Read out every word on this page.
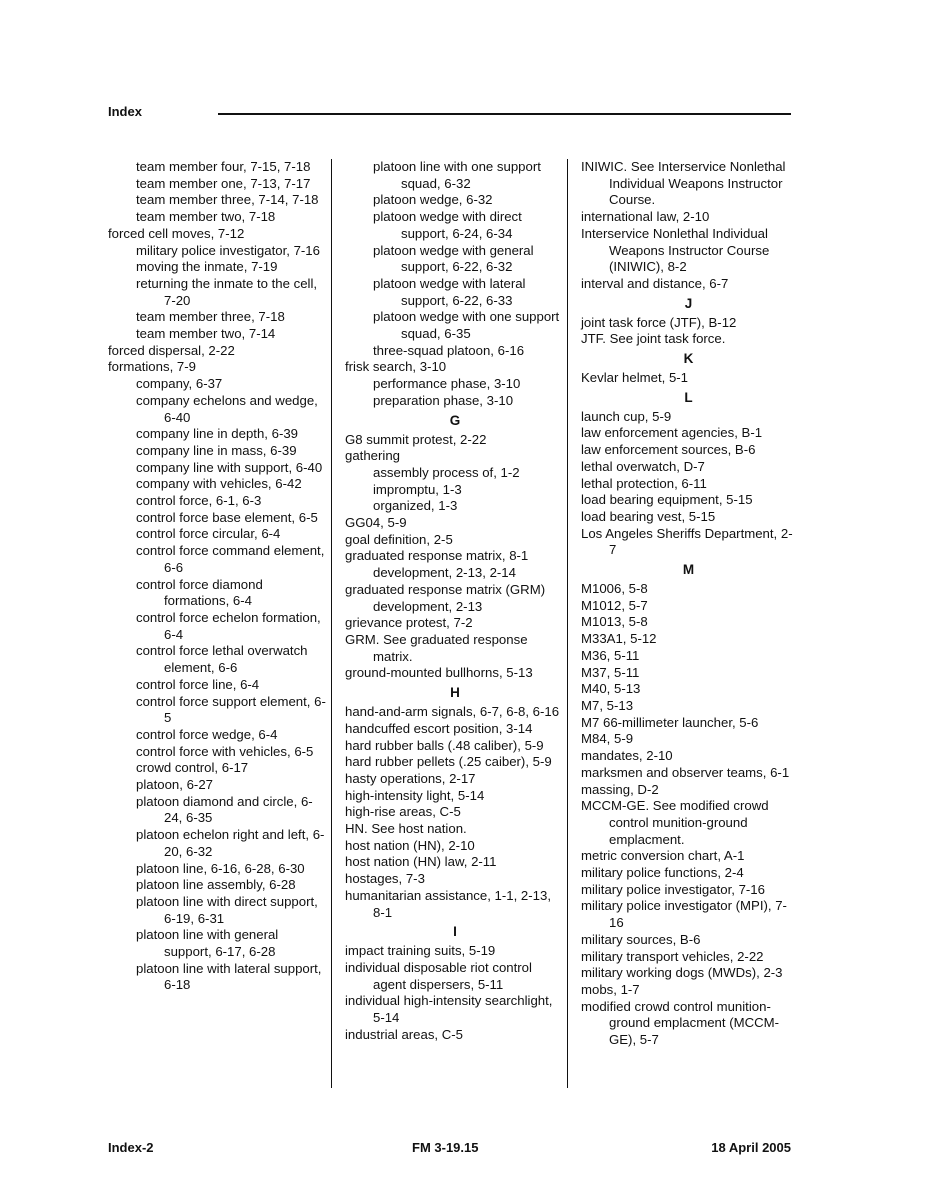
Index

team member four, 7-15, 7-18

team member one, 7-13, 7-17

team member three, 7-14, 7-18

team member two, 7-18

forced cell moves, 7-12

military police investigator, 7-16

moving the inmate, 7-19

returning the inmate to the cell, 7-20

team member three, 7-18

team member two, 7-14

forced dispersal, 2-22

formations, 7-9

company, 6-37

company echelons and wedge, 6-40

company line in depth, 6-39

company line in mass, 6-39

company line with support, 6-40

company with vehicles, 6-42

control force, 6-1, 6-3

control force base element, 6-5

control force circular, 6-4

control force command element, 6-6

control force diamond formations, 6-4

control force echelon formation, 6-4

control force lethal overwatch element, 6-6

control force line, 6-4

control force support element, 6-5

control force wedge, 6-4

control force with vehicles, 6-5

crowd control, 6-17

platoon, 6-27

platoon diamond and circle, 6-24, 6-35

platoon echelon right and left, 6-20, 6-32

platoon line, 6-16, 6-28, 6-30

platoon line assembly, 6-28

platoon line with direct support, 6-19, 6-31

platoon line with general support, 6-17, 6-28

platoon line with lateral support, 6-18

platoon line with one support squad, 6-32

platoon wedge, 6-32

platoon wedge with direct support, 6-24, 6-34

platoon wedge with general support, 6-22, 6-32

platoon wedge with lateral support, 6-22, 6-33

platoon wedge with one support squad, 6-35

three-squad platoon, 6-16

frisk search, 3-10

performance phase, 3-10

preparation phase, 3-10

G

G8 summit protest, 2-22

gathering

assembly process of, 1-2

impromptu, 1-3

organized, 1-3

GG04, 5-9

goal definition, 2-5

graduated response matrix, 8-1

development, 2-13, 2-14

graduated response matrix (GRM)

development, 2-13

grievance protest, 7-2

GRM. See graduated response matrix.

ground-mounted bullhorns, 5-13

H

hand-and-arm signals, 6-7, 6-8, 6-16

handcuffed escort position, 3-14

hard rubber balls (.48 caliber), 5-9

hard rubber pellets (.25 caiber), 5-9

hasty operations, 2-17

high-intensity light, 5-14

high-rise areas, C-5

HN. See host nation.

host nation (HN), 2-10

host nation (HN) law, 2-11

hostages, 7-3

humanitarian assistance, 1-1, 2-13, 8-1

I

impact training suits, 5-19

individual disposable riot control agent dispersers, 5-11

individual high-intensity searchlight, 5-14

industrial areas, C-5

INIWIC. See Interservice Nonlethal Individual Weapons Instructor Course.

international law, 2-10

Interservice Nonlethal Individual Weapons Instructor Course (INIWIC), 8-2

interval and distance, 6-7

J

joint task force (JTF), B-12

JTF. See joint task force.

K

Kevlar helmet, 5-1

L

launch cup, 5-9

law enforcement agencies, B-1

law enforcement sources, B-6

lethal overwatch, D-7

lethal protection, 6-11

load bearing equipment, 5-15

load bearing vest, 5-15

Los Angeles Sheriffs Department, 2-7

M

M1006, 5-8

M1012, 5-7

M1013, 5-8

M33A1, 5-12

M36, 5-11

M37, 5-11

M40, 5-13

M7, 5-13

M7 66-millimeter launcher, 5-6

M84, 5-9

mandates, 2-10

marksmen and observer teams, 6-1

massing, D-2

MCCM-GE. See modified crowd control munition-ground emplacment.

metric conversion chart, A-1

military police functions, 2-4

military police investigator, 7-16

military police investigator (MPI), 7-16

military sources, B-6

military transport vehicles, 2-22

military working dogs (MWDs), 2-3

mobs, 1-7

modified crowd control munition-ground emplacment (MCCM-GE), 5-7

Index-2	FM 3-19.15	18 April 2005
